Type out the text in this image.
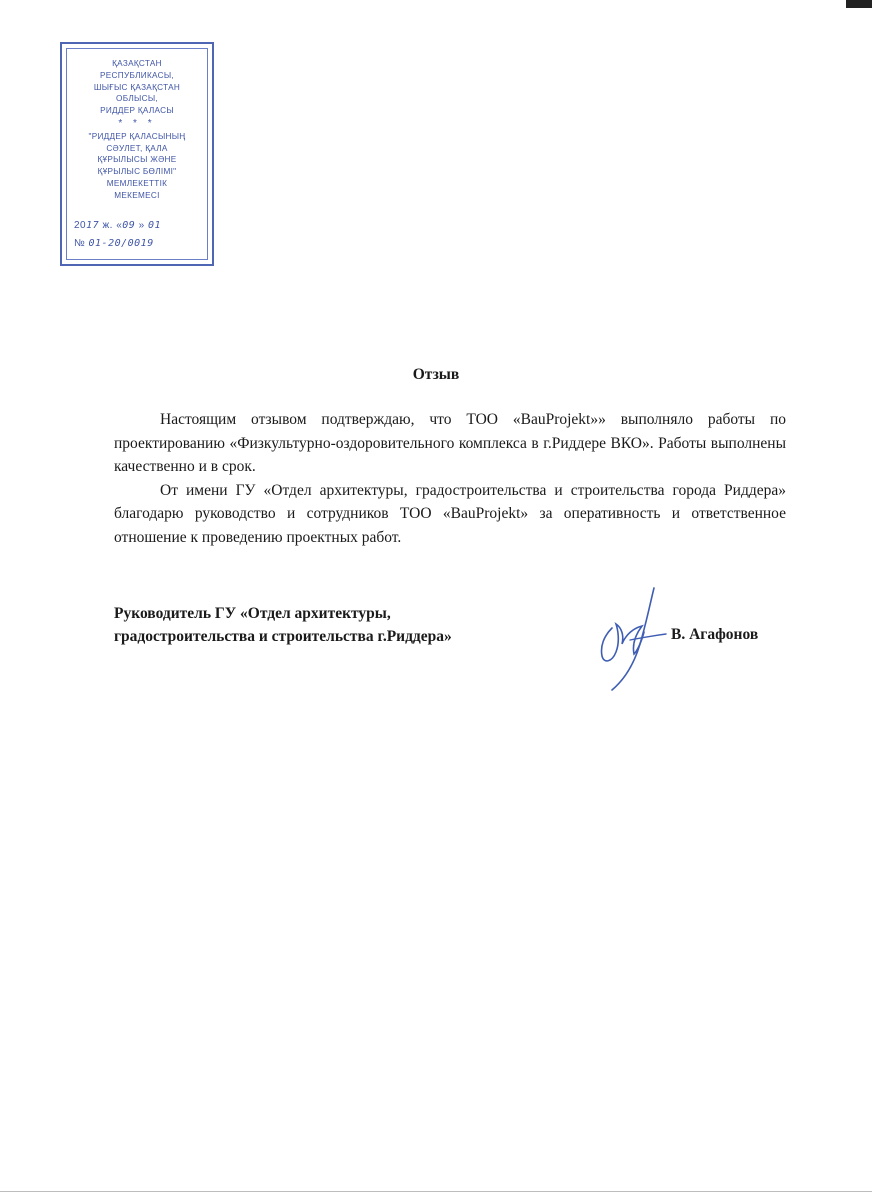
ҚАЗАҚСТАН
РЕСПУБЛИКАСЫ,
ШЫҒЫС ҚАЗАҚСТАН
ОБЛЫСЫ,
РИДДЕР ҚАЛАСЫ
* * *
"РИДДЕР ҚАЛАСЫНЫҢ
СӘУЛЕТ, ҚАЛА
ҚҰРЫЛЫСЫ ЖӘНЕ
ҚҰРЫЛЫС БӨЛІМІ"
МЕМЛЕКЕТТІК
МЕКЕМЕСІ
2017 ж. «09 » 01
№ 01-20/0019
Отзыв

Настоящим отзывом подтверждаю, что ТОО «BauProjekt»» выполняло работы по проектированию «Физкультурно-оздоровительного комплекса в г.Риддере ВКО». Работы выполнены качественно и в срок.

От имени ГУ «Отдел архитектуры, градостроительства и строительства города Риддера» благодарю руководство и сотрудников ТОО «BauProjekt» за оперативность и ответственное отношение к проведению проектных работ.

Руководитель ГУ «Отдел архитектуры,
градостроительства и строительства г.Риддера»	В. Агафонов
